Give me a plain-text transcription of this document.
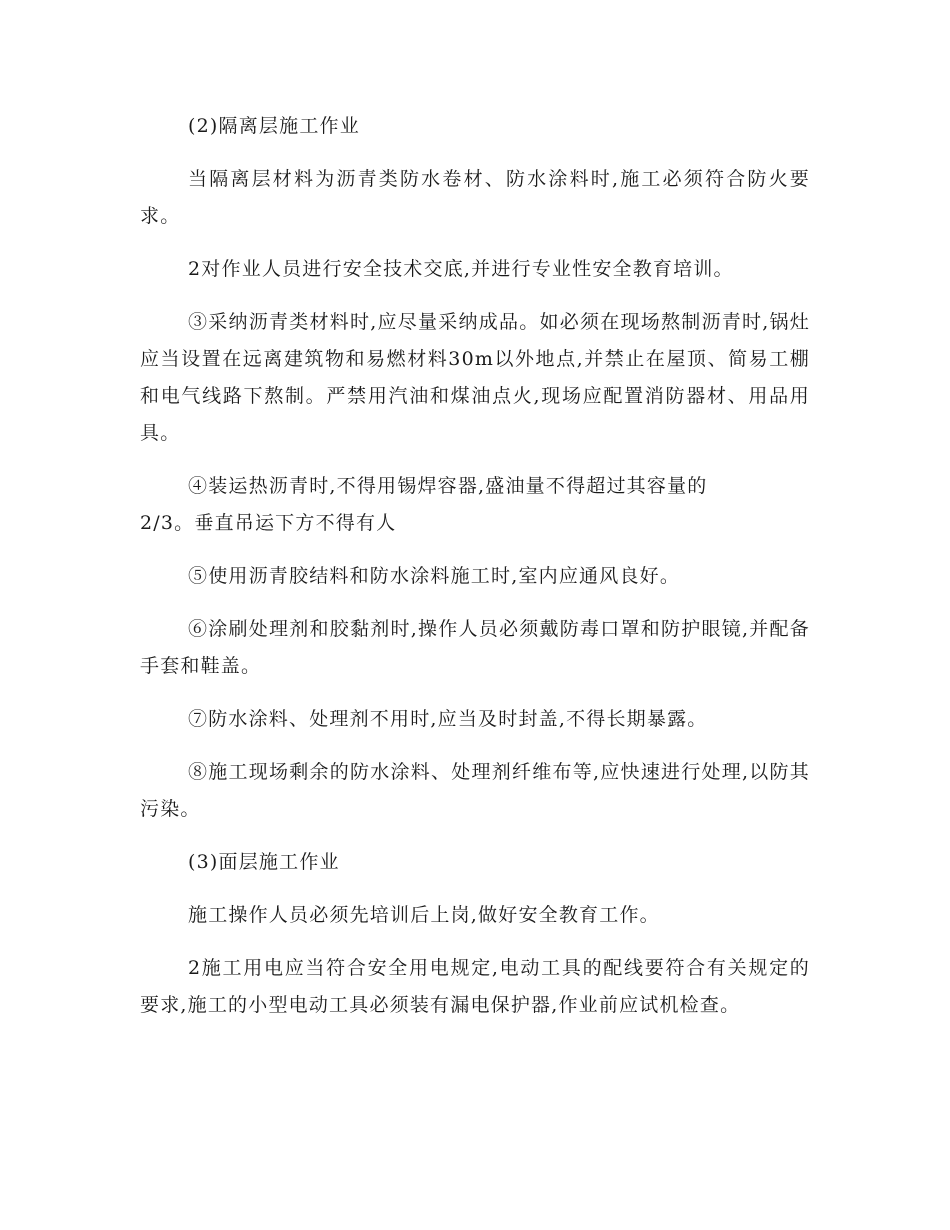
(2)隔离层施工作业

当隔离层材料为沥青类防水卷材、防水涂料时,施工必须符合防火要求。

2对作业人员进行安全技术交底,并进行专业性安全教育培训。

③采纳沥青类材料时,应尽量采纳成品。如必须在现场熬制沥青时,锅灶应当设置在远离建筑物和易燃材料30m以外地点,并禁止在屋顶、简易工棚和电气线路下熬制。严禁用汽油和煤油点火,现场应配置消防器材、用品用具。

④装运热沥青时,不得用锡焊容器,盛油量不得超过其容量的
2/3。垂直吊运下方不得有人

⑤使用沥青胶结料和防水涂料施工时,室内应通风良好。

⑥涂刷处理剂和胶黏剂时,操作人员必须戴防毒口罩和防护眼镜,并配备手套和鞋盖。

⑦防水涂料、处理剂不用时,应当及时封盖,不得长期暴露。

⑧施工现场剩余的防水涂料、处理剂纤维布等,应快速进行处理,以防其污染。

(3)面层施工作业

施工操作人员必须先培训后上岗,做好安全教育工作。

2施工用电应当符合安全用电规定,电动工具的配线要符合有关规定的要求,施工的小型电动工具必须装有漏电保护器,作业前应试机检查。
